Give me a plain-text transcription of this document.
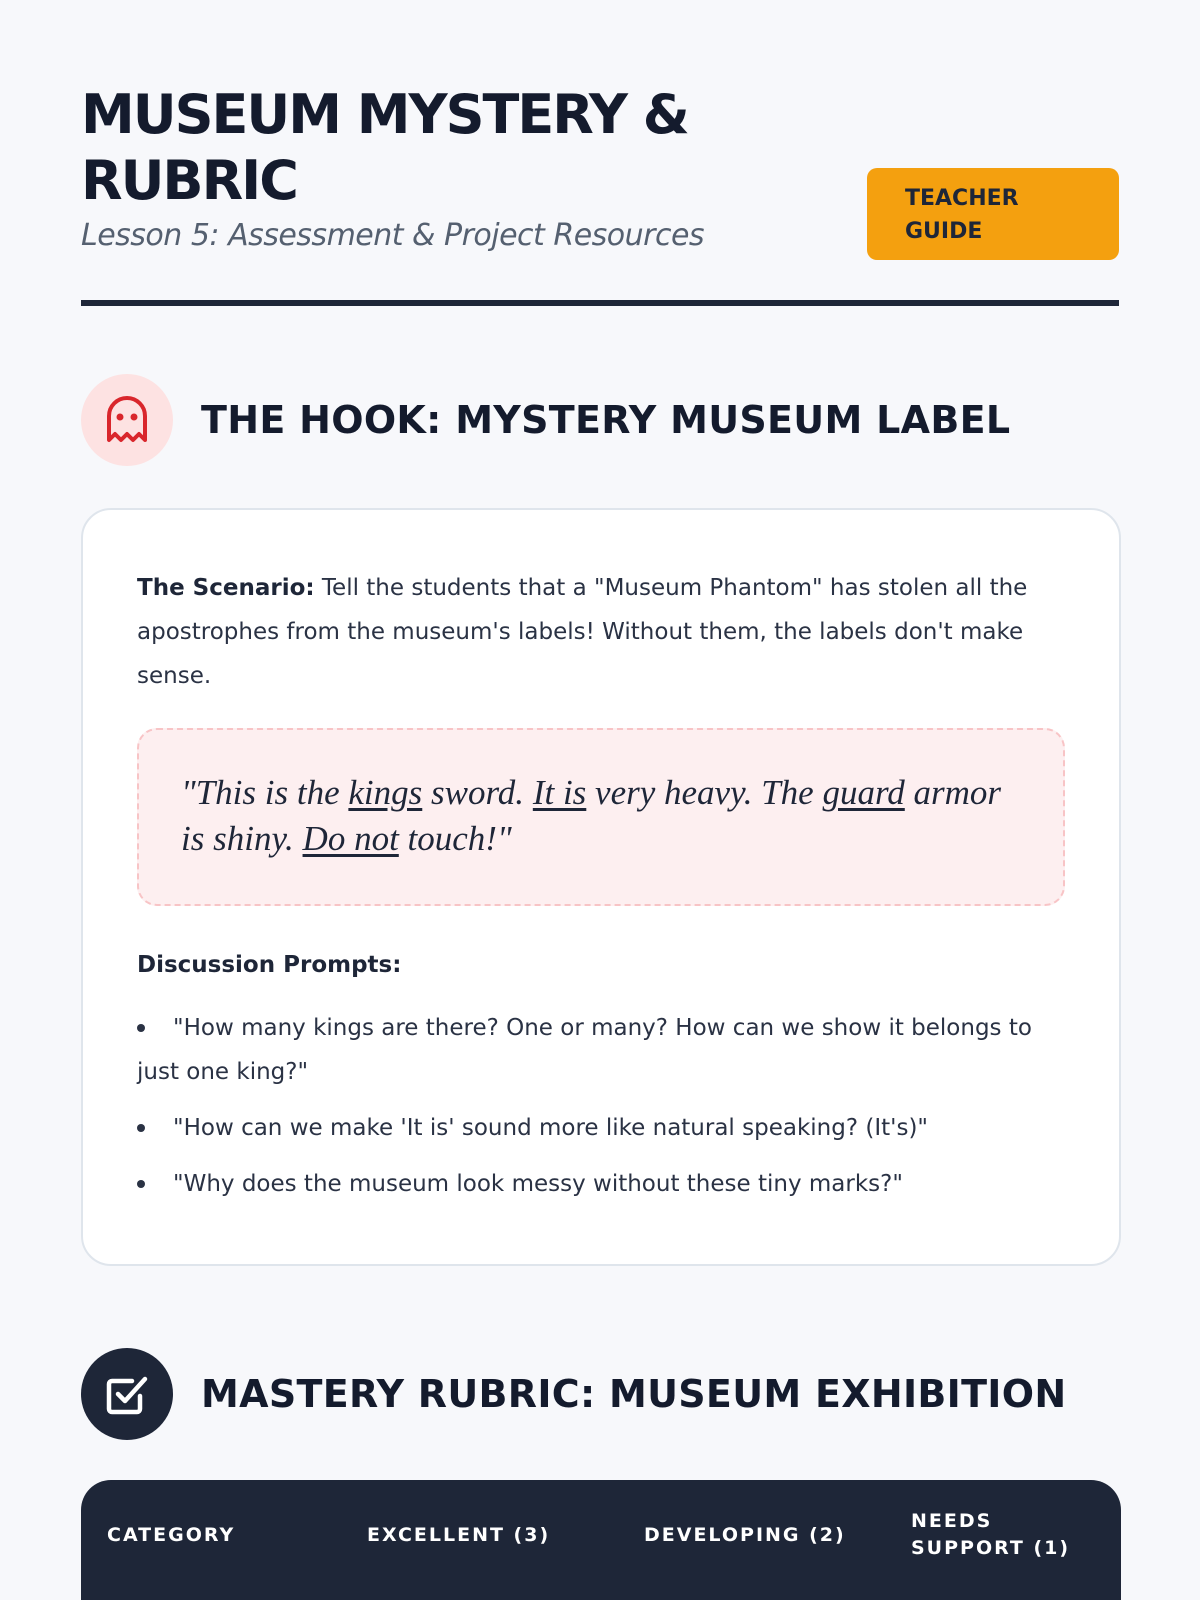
MUSEUM MYSTERY & RUBRIC
Lesson 5: Assessment & Project Resources
TEACHER
GUIDE
THE HOOK: MYSTERY MUSEUM LABEL

The Scenario: Tell the students that a "Museum Phantom" has stolen all the apostrophes from the museum's labels! Without them, the labels don't make sense.

"This is the kings sword. It is very heavy. The guard armor is shiny. Do not touch!"
Discussion Prompts:
"How many kings are there? One or many? How can we show it belongs to just one king?"
"How can we make 'It is' sound more like natural speaking? (It's)"
"Why does the museum look messy without these tiny marks?"
MASTERY RUBRIC: MUSEUM EXHIBITION
CATEGORY	EXCELLENT (3)	DEVELOPING (2)
NEEDS SUPPORT (1)
